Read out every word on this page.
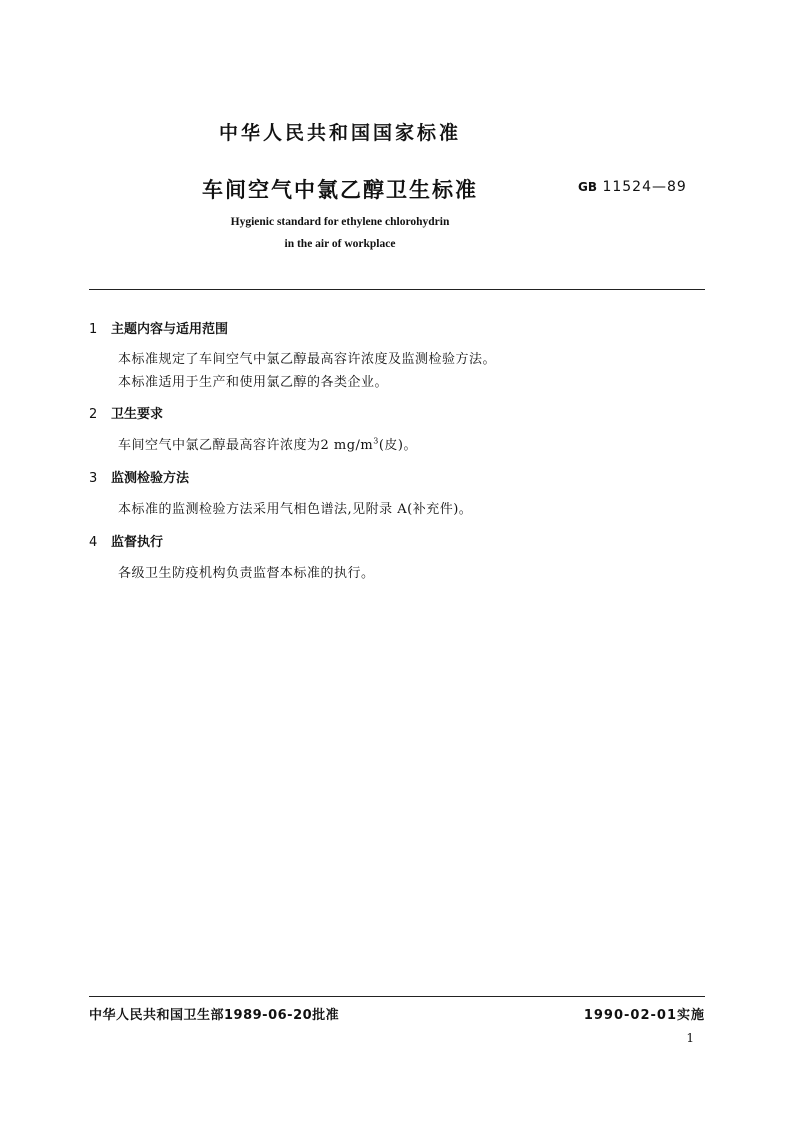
中华人民共和国国家标准
车间空气中氯乙醇卫生标准	GB 11524—89
Hygienic standard for ethylene chlorohydrin
in the air of workplace
1 主题内容与适用范围
本标准规定了车间空气中氯乙醇最高容许浓度及监测检验方法。
本标准适用于生产和使用氯乙醇的各类企业。
2 卫生要求
车间空气中氯乙醇最高容许浓度为2 $mg/m^3$(皮)。
3 监测检验方法
本标准的监测检验方法采用气相色谱法,见附录 A(补充件)。
4 监督执行
各级卫生防疫机构负责监督本标准的执行。
中华人民共和国卫生部1989-06-20批准	1990-02-01实施
1
